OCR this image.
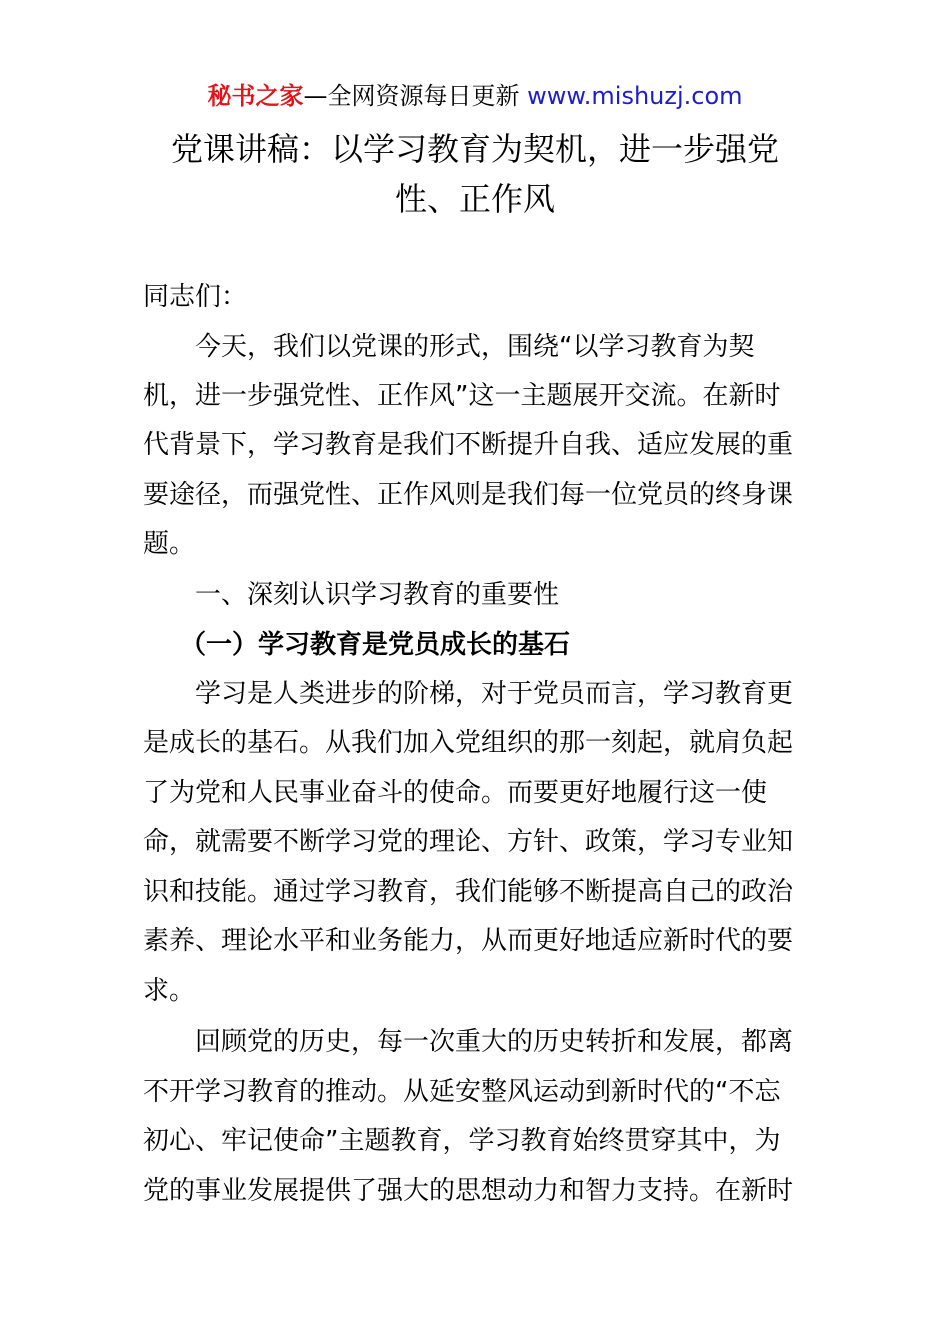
秘书之家—全网资源每日更新 www.mishuzj.com
党课讲稿：以学习教育为契机，进一步强党
性、正作风
同志们：
今天，我们以党课的形式，围绕“以学习教育为契
机，进一步强党性、正作风”这一主题展开交流。在新时
代背景下，学习教育是我们不断提升自我、适应发展的重
要途径，而强党性、正作风则是我们每一位党员的终身课
题。
一、深刻认识学习教育的重要性
（一）学习教育是党员成长的基石
学习是人类进步的阶梯，对于党员而言，学习教育更
是成长的基石。从我们加入党组织的那一刻起，就肩负起
了为党和人民事业奋斗的使命。而要更好地履行这一使
命，就需要不断学习党的理论、方针、政策，学习专业知
识和技能。通过学习教育，我们能够不断提高自己的政治
素养、理论水平和业务能力，从而更好地适应新时代的要
求。
回顾党的历史，每一次重大的历史转折和发展，都离
不开学习教育的推动。从延安整风运动到新时代的“不忘
初心、牢记使命”主题教育，学习教育始终贯穿其中，为
党的事业发展提供了强大的思想动力和智力支持。在新时
